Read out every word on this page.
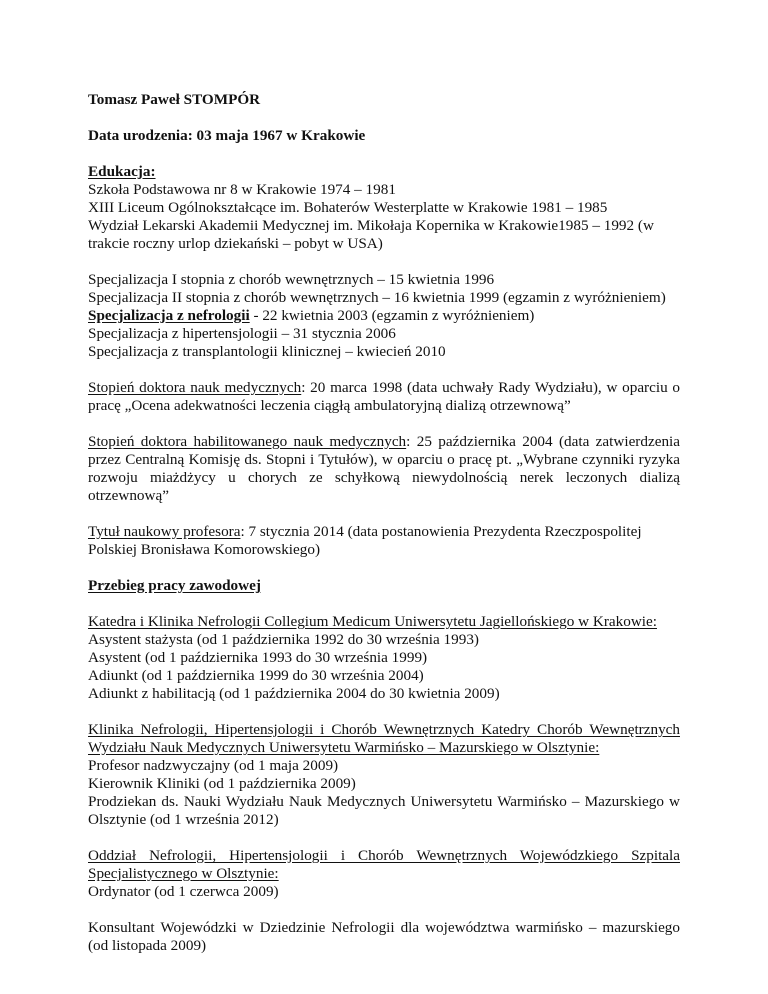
Tomasz Paweł STOMPÓR

Data urodzenia: 03 maja 1967 w Krakowie

Edukacja:

Szkoła Podstawowa nr 8 w Krakowie 1974 – 1981

XIII Liceum Ogólnokształcące im. Bohaterów Westerplatte w Krakowie 1981 – 1985

Wydział Lekarski Akademii Medycznej im. Mikołaja Kopernika w Krakowie1985 – 1992 (w trakcie roczny urlop dziekański – pobyt w USA)

Specjalizacja I stopnia z chorób wewnętrznych – 15 kwietnia 1996

Specjalizacja II stopnia z chorób wewnętrznych – 16 kwietnia 1999 (egzamin z wyróżnieniem)

Specjalizacja z nefrologii - 22 kwietnia 2003 (egzamin z wyróżnieniem)

Specjalizacja z hipertensjologii – 31 stycznia 2006

Specjalizacja z transplantologii klinicznej – kwiecień 2010

Stopień doktora nauk medycznych: 20 marca 1998 (data uchwały Rady Wydziału), w oparciu o pracę „Ocena adekwatności leczenia ciągłą ambulatoryjną dializą otrzewnową”

Stopień doktora habilitowanego nauk medycznych: 25 października 2004 (data zatwierdzenia przez Centralną Komisję ds. Stopni i Tytułów), w oparciu o pracę pt. „Wybrane czynniki ryzyka rozwoju miażdżycy u chorych ze schyłkową niewydolnością nerek leczonych dializą otrzewnową”

Tytuł naukowy profesora: 7 stycznia 2014 (data postanowienia Prezydenta Rzeczpospolitej

Polskiej Bronisława Komorowskiego)

Przebieg pracy zawodowej

Katedra i Klinika Nefrologii Collegium Medicum Uniwersytetu Jagiellońskiego w Krakowie:

Asystent stażysta (od 1 października 1992 do 30 września 1993)

Asystent (od 1 października 1993 do 30 września 1999)

Adiunkt (od 1 października 1999 do 30 września 2004)

Adiunkt z habilitacją (od 1 października 2004 do 30 kwietnia 2009)

Klinika Nefrologii, Hipertensjologii i Chorób Wewnętrznych Katedry Chorób Wewnętrznych Wydziału Nauk Medycznych Uniwersytetu Warmińsko – Mazurskiego w Olsztynie:

Profesor nadzwyczajny (od 1 maja 2009)

Kierownik Kliniki (od 1 października 2009)

Prodziekan ds. Nauki Wydziału Nauk Medycznych Uniwersytetu Warmińsko – Mazurskiego w Olsztynie (od 1 września 2012)

Oddział Nefrologii, Hipertensjologii i Chorób Wewnętrznych Wojewódzkiego Szpitala Specjalistycznego w Olsztynie:

Ordynator (od 1 czerwca 2009)

Konsultant Wojewódzki w Dziedzinie Nefrologii dla województwa warmińsko – mazurskiego (od listopada 2009)
